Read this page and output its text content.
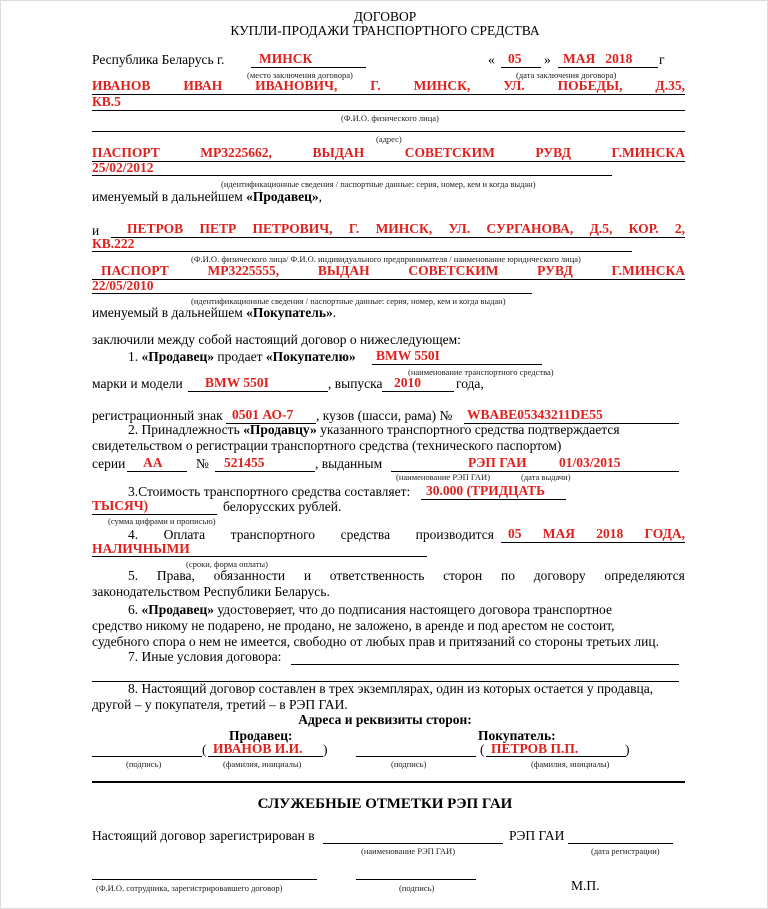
ДОГОВОР
КУПЛИ-ПРОДАЖИ ТРАНСПОРТНОГО СРЕДСТВА
Республика Беларусь г.	МИНСК
(место заключения договора)
« 05 » МАЯ   2018 г
(дата заключения договора)
ИВАНОВ ИВАН ИВАНОВИЧ, Г. МИНСК, УЛ. ПОБЕДЫ, Д.35,
КВ.5
(Ф.И.О. физического лица)
(адрес)
ПАСПОРТ	МР3225662,	ВЫДАН	СОВЕТСКИМ	РУВД	Г.МИНСКА
25/02/2012
(идентификационные сведения / паспортные данные: серия, номер, кем и когда выдан)
именуемый в дальнейшем «Продавец»,
и ПЕТРОВ ПЕТР ПЕТРОВИЧ, Г. МИНСК, УЛ. СУРГАНОВА, Д.5, КОР. 2,
КВ.222
(Ф.И.О. физического лица/ Ф.И.О. индивидуального предпринимателя / наименование юридического лица)
ПАСПОРТ	МР3225555,	ВЫДАН	СОВЕТСКИМ	РУВД	Г.МИНСКА
22/05/2010
(идентификационные сведения / паспортные данные: серия, номер, кем и когда выдан)
именуемый в дальнейшем «Покупатель».
заключили между собой настоящий договор о нижеследующем:
1. «Продавец» продает «Покупателю» BMW 550I
(наименование транспортного средства)
марки и модели BMW 550I	, выпуска 2010	года,
регистрационный знак 0501 АО-7 , кузов (шасси, рама) № WBABE05343211DE55
2. Принадлежность «Продавцу» указанного транспортного средства подтверждается
свидетельством о регистрации транспортного средства (технического паспортом)
серии АА № 521455	, выданным	РЭП ГАИ 01/03/2015
(наименование РЭП ГАИ)	(дата выдачи)
3.Стоимость транспортного средства составляет: 30.000 (ТРИДЦАТЬ
ТЫСЯЧ)	белорусских рублей.
(сумма цифрами и прописью)
4. Оплата транспортного средства производится 05 МАЯ 2018 ГОДА,
НАЛИЧНЫМИ
(сроки, форма оплаты)
5. Права, обязанности и ответственность сторон по договору определяются
законодательством Республики Беларусь.
6. «Продавец» удостоверяет, что до подписания настоящего договора транспортное
средство никому не подарено, не продано, не заложено, в аренде и под арестом не состоит,
судебного спора о нем не имеется, свободно от любых прав и притязаний со стороны третьих лиц.
7. Иные условия договора:
8. Настоящий договор составлен в трех экземплярах, один из которых остается у продавца,
другой – у покупателя, третий – в РЭП ГАИ.
Адреса и реквизиты сторон:
Продавец:	Покупатель:
( ИВАНОВ И.И. )
(подпись)	(фамилия, инициалы)
( ПЕТРОВ П.П.	)
(подпись)	(фамилия, инициалы)
СЛУЖЕБНЫЕ ОТМЕТКИ РЭП ГАИ
Настоящий договор зарегистрирован в	РЭП ГАИ
(наименование РЭП ГАИ)	(дата регистрации)
(Ф.И.О. сотрудника, зарегистрировавшего договор)	(подпись)	М.П.
